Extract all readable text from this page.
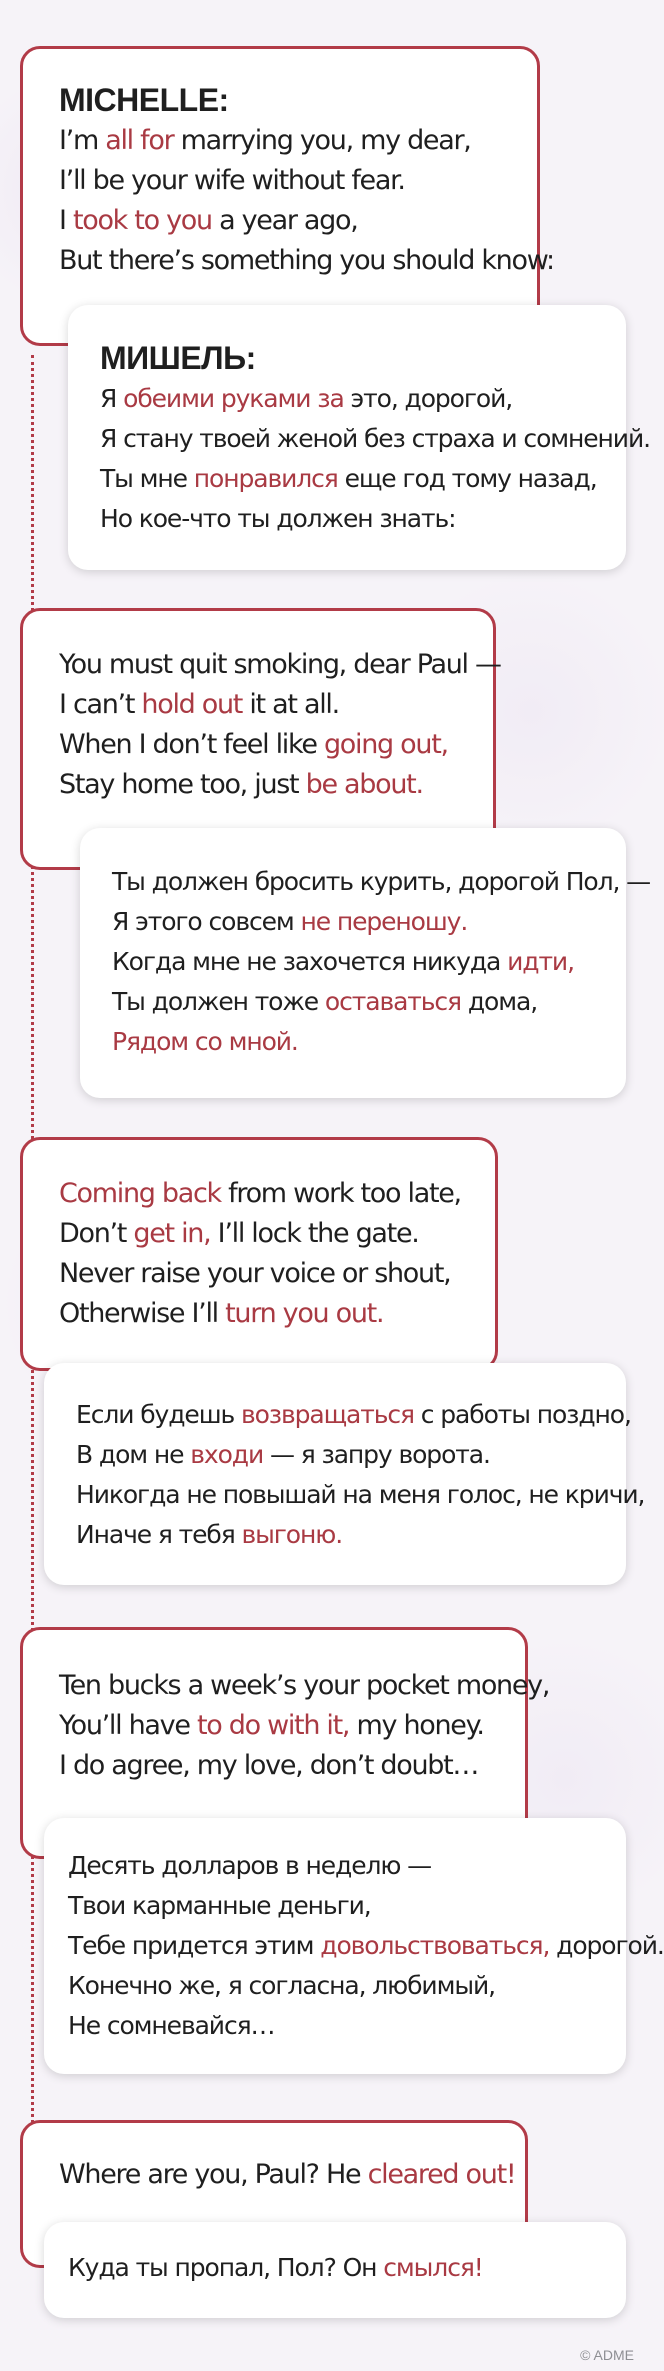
MICHELLE:
I’m all for marrying you, my dear,
I’ll be your wife without fear.
I took to you a year ago,
But there’s something you should know:
МИШЕЛЬ:
Я обеими руками за это, дорогой,
Я стану твоей женой без страха и сомнений.
Ты мне понравился еще год тому назад,
Но кое-что ты должен знать:
You must quit smoking, dear Paul —
I can’t hold out it at all.
When I don’t feel like going out,
Stay home too, just be about.
Ты должен бросить курить, дорогой Пол, —
Я этого совсем не переношу.
Когда мне не захочется никуда идти,
Ты должен тоже оставаться дома,
Рядом со мной.
Coming back from work too late,
Don’t get in, I’ll lock the gate.
Never raise your voice or shout,
Otherwise I’ll turn you out.
Если будешь возвращаться с работы поздно,
В дом не входи — я запру ворота.
Никогда не повышай на меня голос, не кричи,
Иначе я тебя выгоню.
Ten bucks a week’s your pocket money,
You’ll have to do with it, my honey.
I do agree, my love, don’t doubt…
Десять долларов в неделю —
Твои карманные деньги,
Тебе придется этим довольствоваться, дорогой.
Конечно же, я согласна, любимый,
Не сомневайся…
Where are you, Paul? He cleared out!
Куда ты пропал, Пол? Он смылся!
© ADME
